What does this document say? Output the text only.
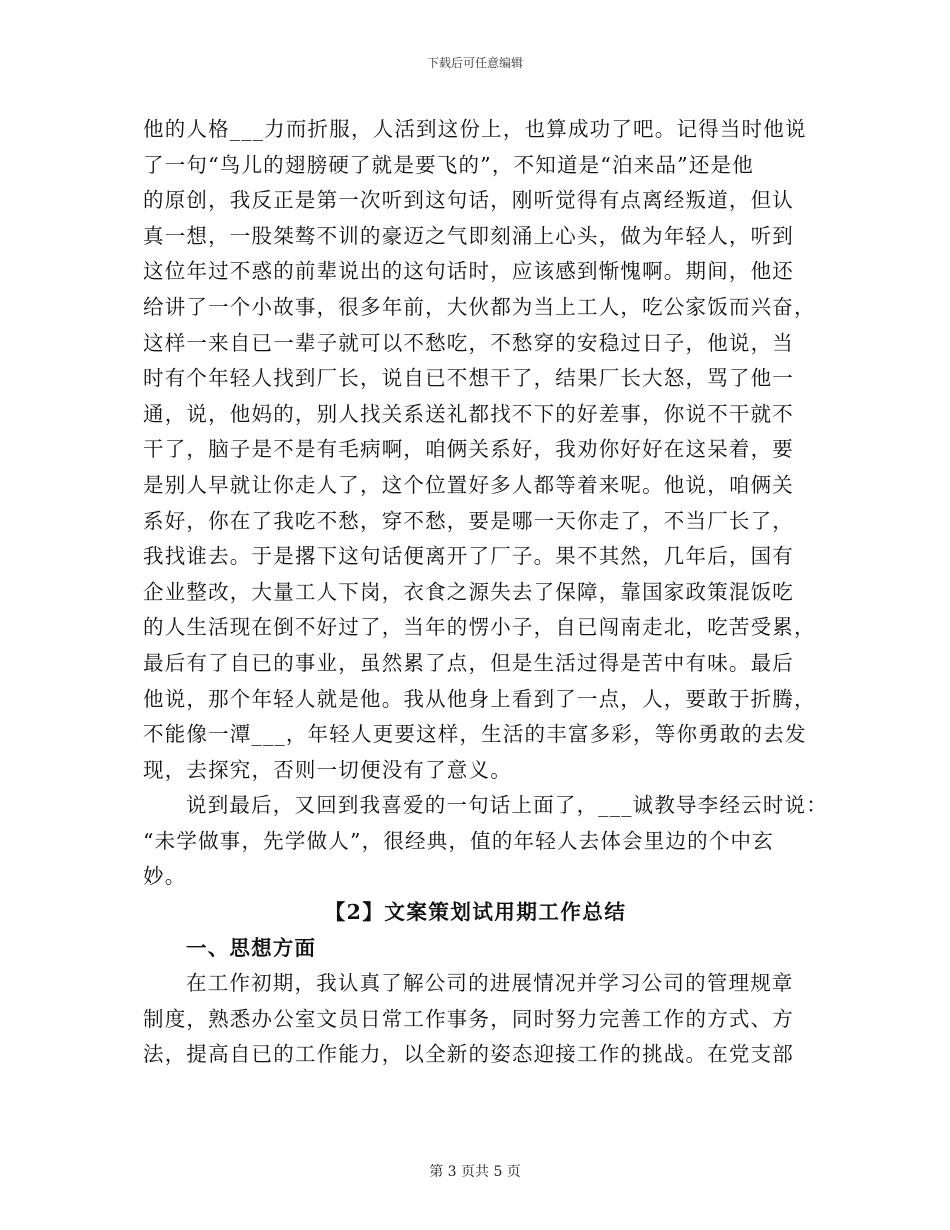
下载后可任意编辑
他的人格___力而折服，人活到这份上，也算成功了吧。记得当时他说
了一句“鸟儿的翅膀硬了就是要飞的”，不知道是“泊来品”还是他
的原创，我反正是第一次听到这句话，刚听觉得有点离经叛道，但认
真一想，一股桀骜不训的豪迈之气即刻涌上心头，做为年轻人，听到
这位年过不惑的前辈说出的这句话时，应该感到惭愧啊。期间，他还
给讲了一个小故事，很多年前，大伙都为当上工人，吃公家饭而兴奋，
这样一来自已一辈子就可以不愁吃，不愁穿的安稳过日子，他说，当
时有个年轻人找到厂长，说自已不想干了，结果厂长大怒，骂了他一
通，说，他妈的，别人找关系送礼都找不下的好差事，你说不干就不
干了，脑子是不是有毛病啊，咱俩关系好，我劝你好好在这呆着，要
是别人早就让你走人了，这个位置好多人都等着来呢。他说，咱俩关
系好，你在了我吃不愁，穿不愁，要是哪一天你走了，不当厂长了，
我找谁去。于是撂下这句话便离开了厂子。果不其然，几年后，国有
企业整改，大量工人下岗，衣食之源失去了保障，靠国家政策混饭吃
的人生活现在倒不好过了，当年的愣小子，自已闯南走北，吃苦受累，
最后有了自已的事业，虽然累了点，但是生活过得是苦中有味。最后
他说，那个年轻人就是他。我从他身上看到了一点，人，要敢于折腾，
不能像一潭___，年轻人更要这样，生活的丰富多彩，等你勇敢的去发
现，去探究，否则一切便没有了意义。
说到最后，又回到我喜爱的一句话上面了，___诚教导李经云时说：
“未学做事，先学做人”，很经典，值的年轻人去体会里边的个中玄
妙。
【2】文案策划试用期工作总结
一、思想方面
在工作初期，我认真了解公司的进展情况并学习公司的管理规章
制度，熟悉办公室文员日常工作事务，同时努力完善工作的方式、方
法，提高自已的工作能力，以全新的姿态迎接工作的挑战。在党支部
第 3 页共 5 页
